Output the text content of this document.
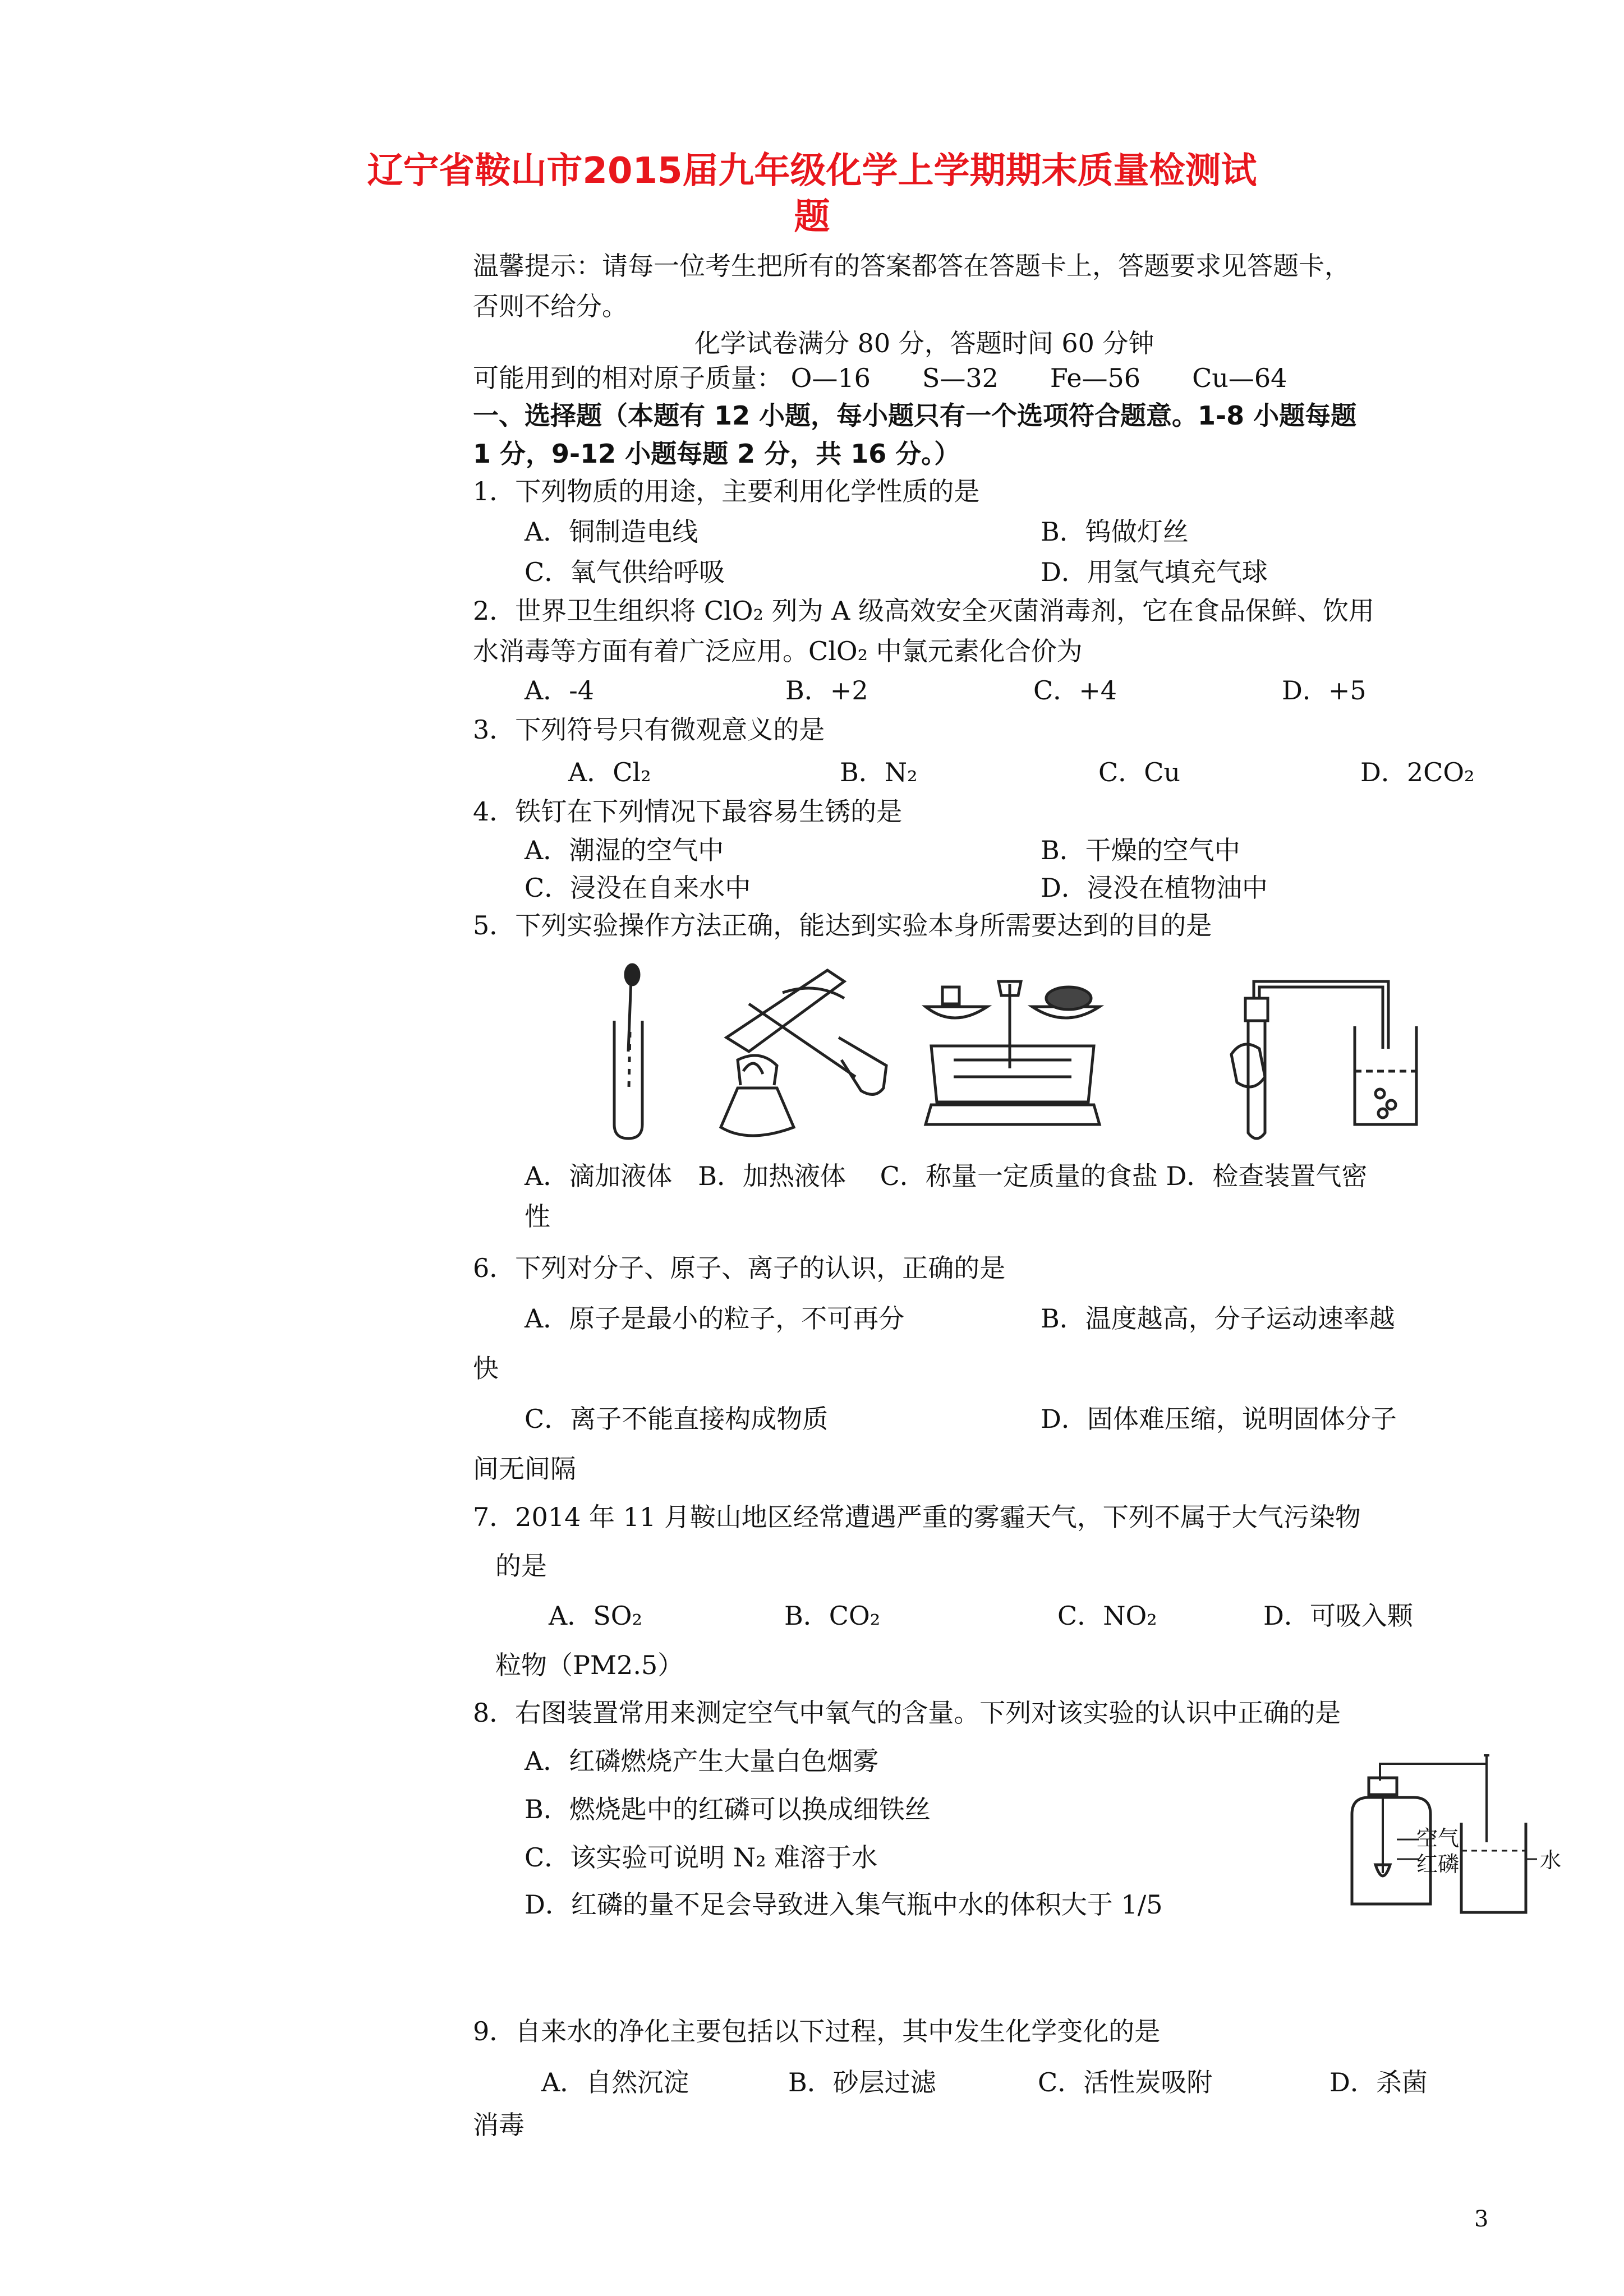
辽宁省鞍山市2015届九年级化学上学期期末质量检测试
题
温馨提示：请每一位考生把所有的答案都答在答题卡上，答题要求见答题卡，
否则不给分。
化学试卷满分 80 分，答题时间 60 分钟
可能用到的相对原子质量： O—16　　S—32　　Fe—56　　Cu—64
一、选择题（本题有 12 小题，每小题只有一个选项符合题意。1-8 小题每题
1 分，9-12 小题每题 2 分，共 16 分。）
1．下列物质的用途，主要利用化学性质的是
A．铜制造电线	B．钨做灯丝
C．氧气供给呼吸	D．用氢气填充气球
2．世界卫生组织将 ClO₂ 列为 A 级高效安全灭菌消毒剂，它在食品保鲜、饮用
水消毒等方面有着广泛应用。ClO₂ 中氯元素化合价为
A．-4	B．+2	C．+4	D．+5
3．下列符号只有微观意义的是
A．Cl₂	B．N₂	C．Cu	D．2CO₂
4．铁钉在下列情况下最容易生锈的是
A．潮湿的空气中	B．干燥的空气中
C．浸没在自来水中	D．浸没在植物油中
5．下列实验操作方法正确，能达到实验本身所需要达到的目的是
A．滴加液体　B．加热液体　 C．称量一定质量的食盐 D．检查装置气密
性
6．下列对分子、原子、离子的认识，正确的是
A．原子是最小的粒子，不可再分	B．温度越高，分子运动速率越
快
C．离子不能直接构成物质	D．固体难压缩，说明固体分子
间无间隔
7．2014 年 11 月鞍山地区经常遭遇严重的雾霾天气，下列不属于大气污染物
的是
A．SO₂	B．CO₂	C．NO₂	D．可吸入颗
粒物（PM2.5）
8．右图装置常用来测定空气中氧气的含量。下列对该实验的认识中正确的是
A．红磷燃烧产生大量白色烟雾
B．燃烧匙中的红磷可以换成细铁丝
C．该实验可说明 N₂ 难溶于水
D．红磷的量不足会导致进入集气瓶中水的体积大于 1/5
空气
红磷	水
9．自来水的净化主要包括以下过程，其中发生化学变化的是
A．自然沉淀	B．砂层过滤	C．活性炭吸附	D．杀菌
消毒
3
